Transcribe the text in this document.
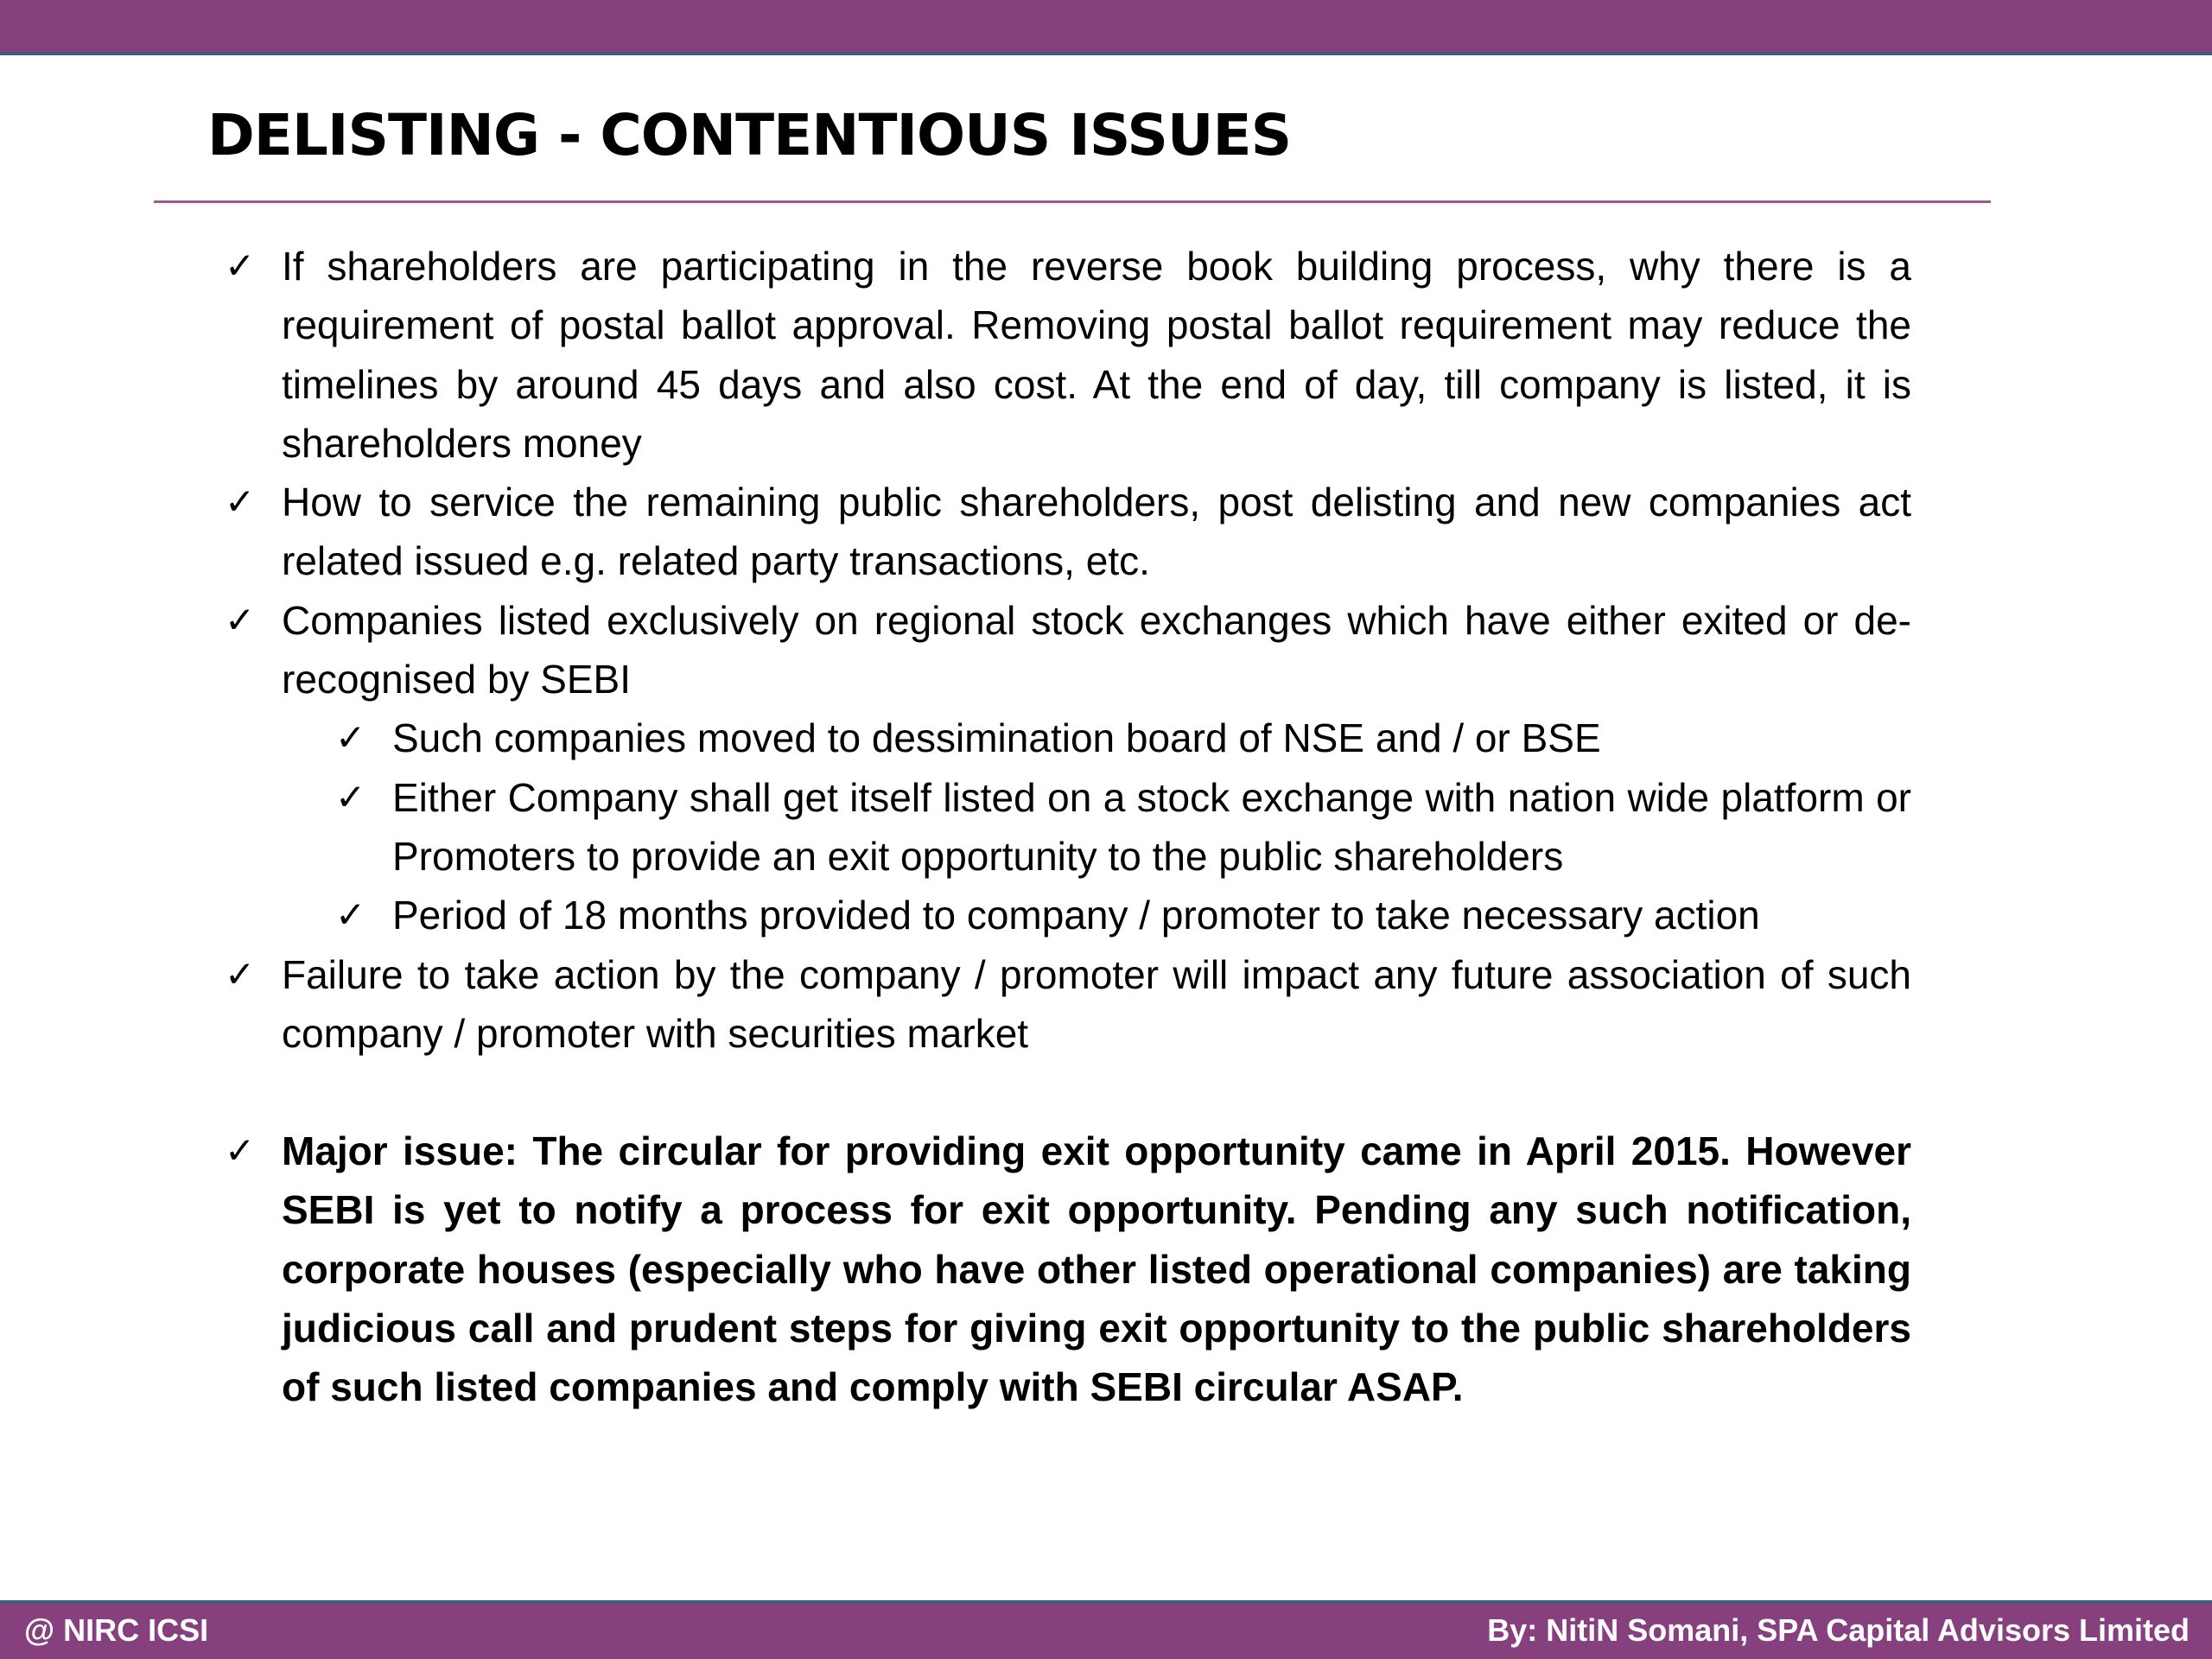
DELISTING - CONTENTIOUS ISSUES
✓ If shareholders are participating in the reverse book building process, why there is a requirement of postal ballot approval. Removing postal ballot requirement may reduce the timelines by around 45 days and also cost. At the end of day, till company is listed, it is shareholders money
✓ How to service the remaining public shareholders, post delisting and new companies act related issued e.g. related party transactions, etc.
✓ Companies listed exclusively on regional stock exchanges which have either exited or de-recognised by SEBI
✓ Such companies moved to dessimination board of NSE and / or BSE
✓ Either Company shall get itself listed on a stock exchange with nation wide platform or Promoters to provide an exit opportunity to the public shareholders
✓ Period of 18 months provided to company / promoter to take necessary action
✓ Failure to take action by the company / promoter will impact any future association of such company / promoter with securities market
✓ Major issue: The circular for providing exit opportunity came in April 2015. However SEBI is yet to notify a process for exit opportunity. Pending any such notification, corporate houses (especially who have other listed operational companies) are taking judicious call and prudent steps for giving exit opportunity to the public shareholders of such listed companies and comply with SEBI circular ASAP.
@ NIRC ICSI	By: NitiN Somani, SPA Capital Advisors Limited
